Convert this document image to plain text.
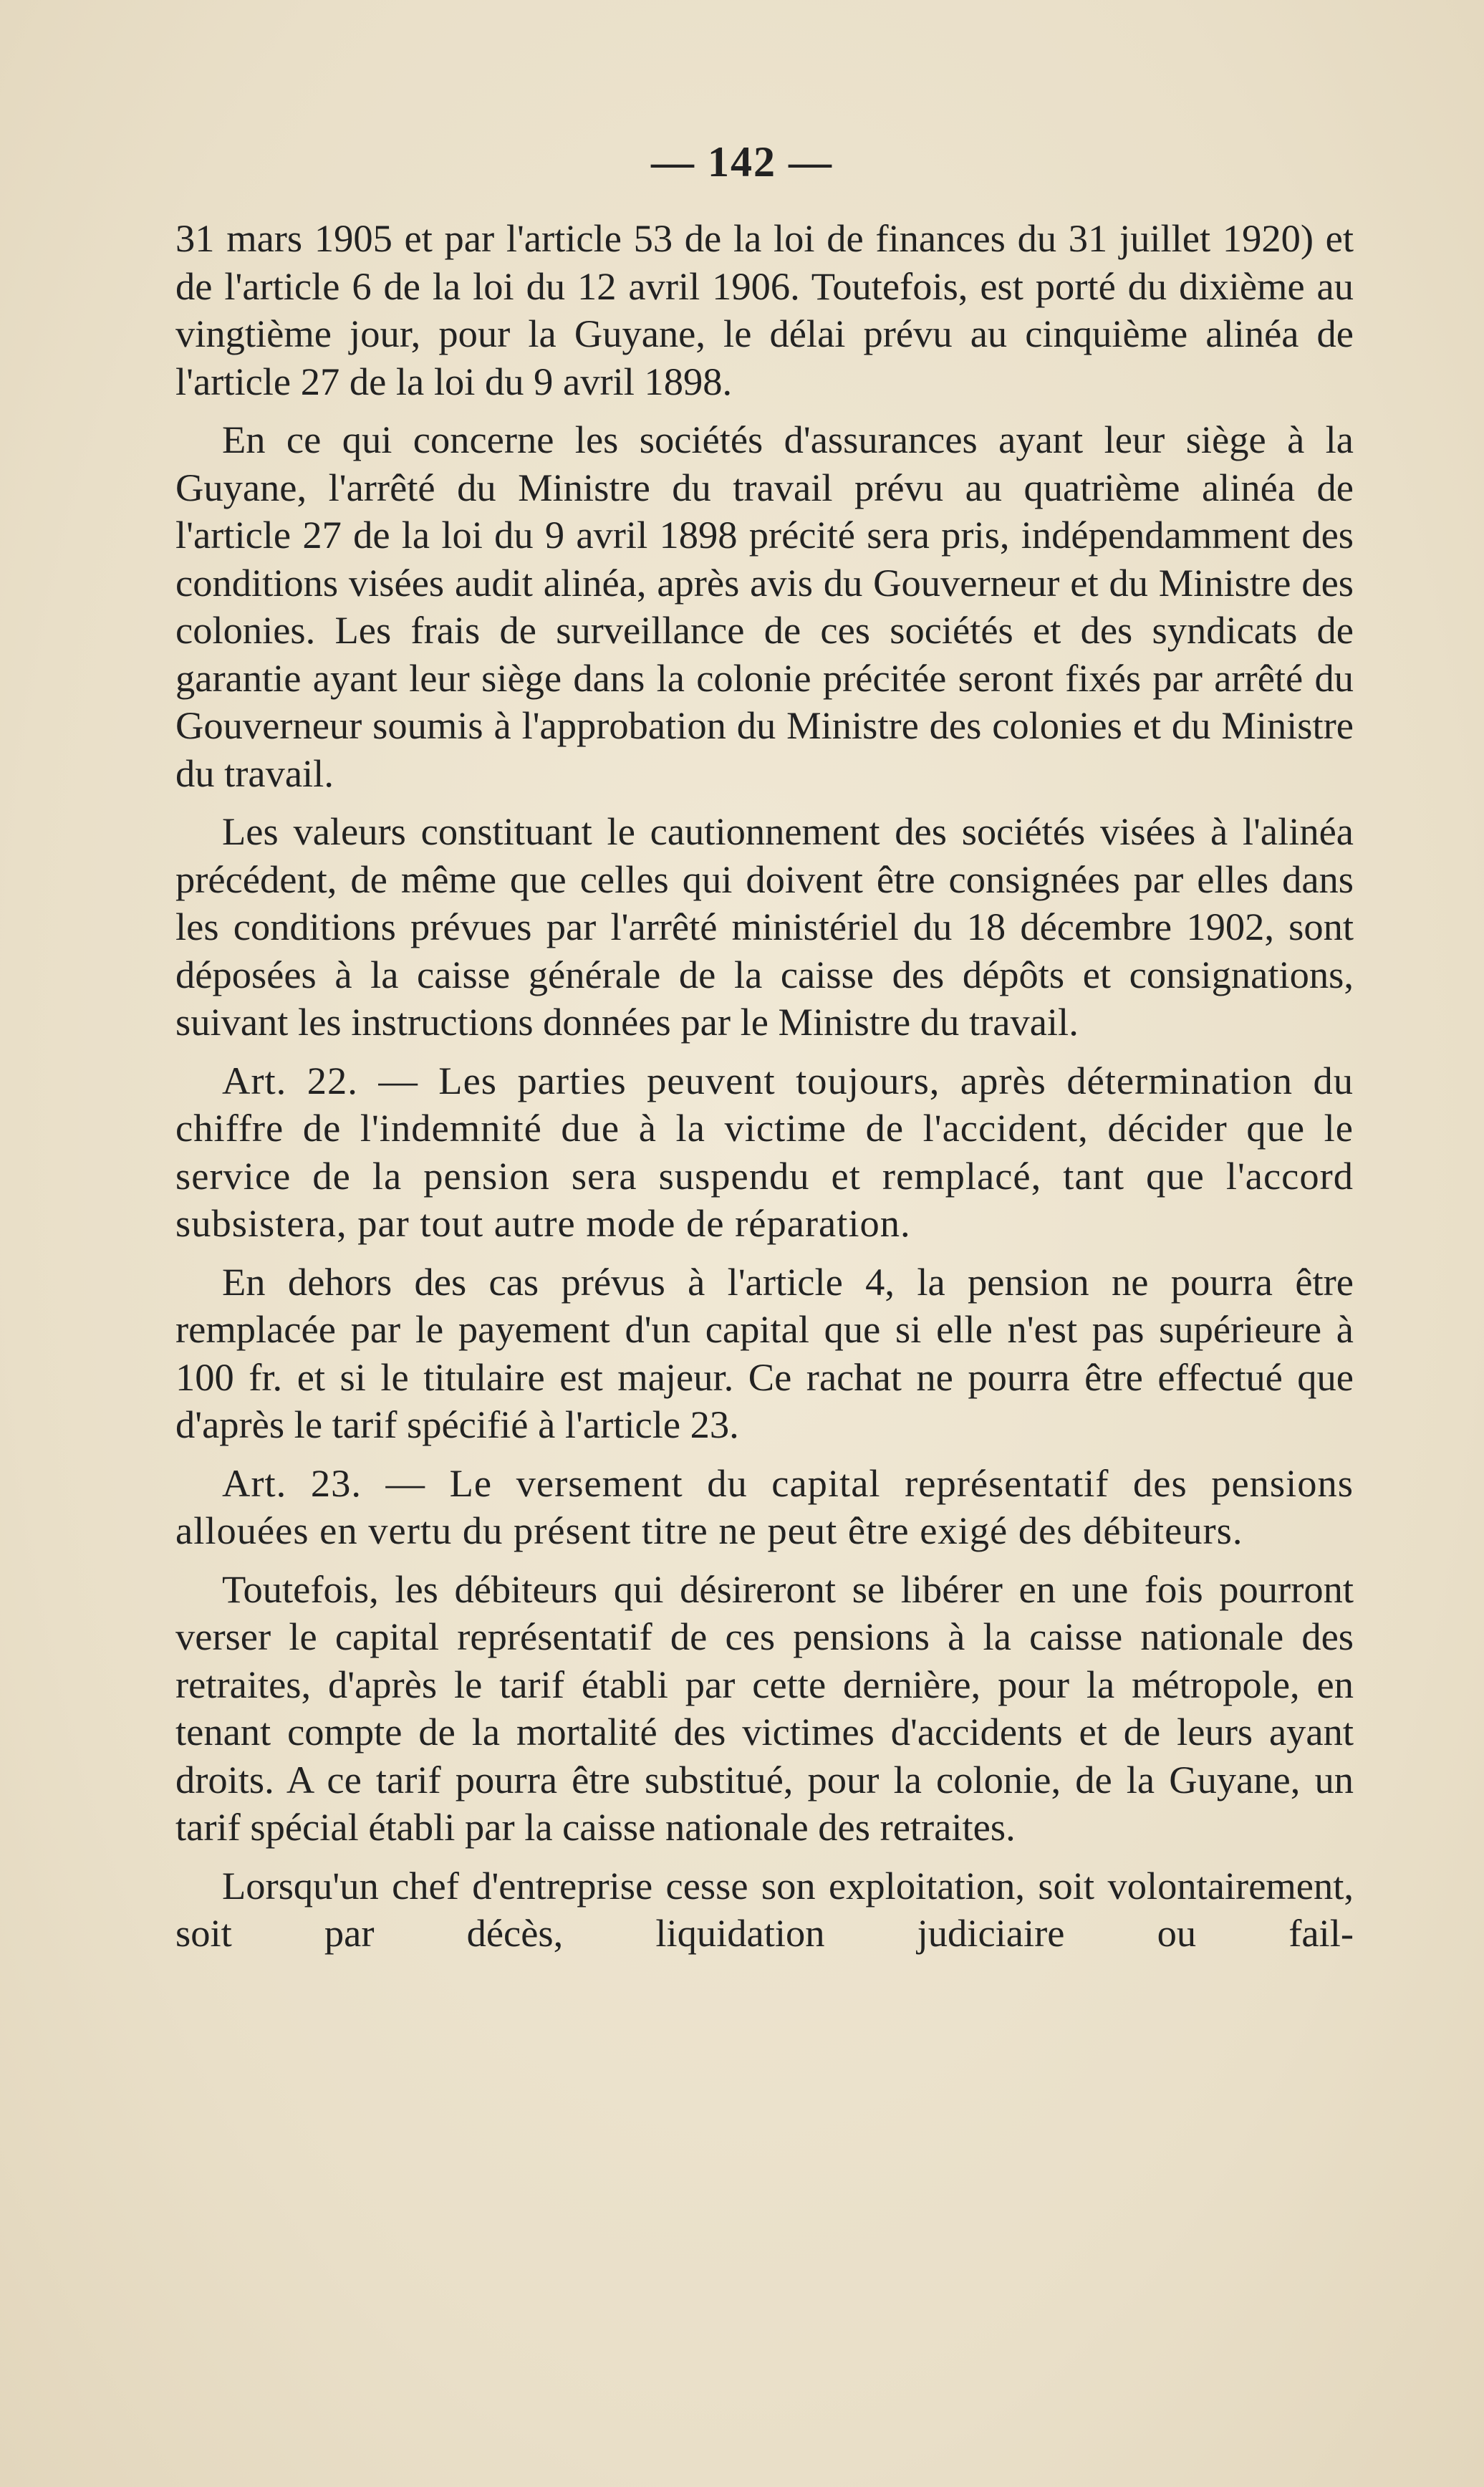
— 142 —

31 mars 1905 et par l'article 53 de la loi de finances du 31 juillet 1920) et de l'article 6 de la loi du 12 avril 1906. Toutefois, est porté du dixième au vingtième jour, pour la Guyane, le délai prévu au cinquième alinéa de l'article 27 de la loi du 9 avril 1898.

En ce qui concerne les sociétés d'assurances ayant leur siège à la Guyane, l'arrêté du Ministre du travail prévu au quatrième alinéa de l'article 27 de la loi du 9 avril 1898 précité sera pris, indépendamment des conditions visées audit alinéa, après avis du Gouverneur et du Ministre des colonies. Les frais de surveillance de ces sociétés et des syndicats de garantie ayant leur siège dans la colonie précitée seront fixés par arrêté du Gouverneur soumis à l'approbation du Ministre des colonies et du Ministre du travail.

Les valeurs constituant le cautionnement des sociétés visées à l'alinéa précédent, de même que celles qui doivent être consignées par elles dans les conditions prévues par l'arrêté ministériel du 18 décembre 1902, sont déposées à la caisse générale de la caisse des dépôts et consignations, suivant les instructions données par le Ministre du travail.

Art. 22. — Les parties peuvent toujours, après détermination du chiffre de l'indemnité due à la victime de l'accident, décider que le service de la pension sera suspendu et remplacé, tant que l'accord subsistera, par tout autre mode de réparation.

En dehors des cas prévus à l'article 4, la pension ne pourra être remplacée par le payement d'un capital que si elle n'est pas supérieure à 100 fr. et si le titulaire est majeur. Ce rachat ne pourra être effectué que d'après le tarif spécifié à l'article 23.

Art. 23. — Le versement du capital représentatif des pensions allouées en vertu du présent titre ne peut être exigé des débiteurs.

Toutefois, les débiteurs qui désireront se libérer en une fois pourront verser le capital représentatif de ces pensions à la caisse nationale des retraites, d'après le tarif établi par cette dernière, pour la métropole, en tenant compte de la mortalité des victimes d'accidents et de leurs ayant droits. A ce tarif pourra être substitué, pour la colonie, de la Guyane, un tarif spécial établi par la caisse nationale des retraites.

Lorsqu'un chef d'entreprise cesse son exploitation, soit volontairement, soit par décès, liquidation judiciaire ou fail-
